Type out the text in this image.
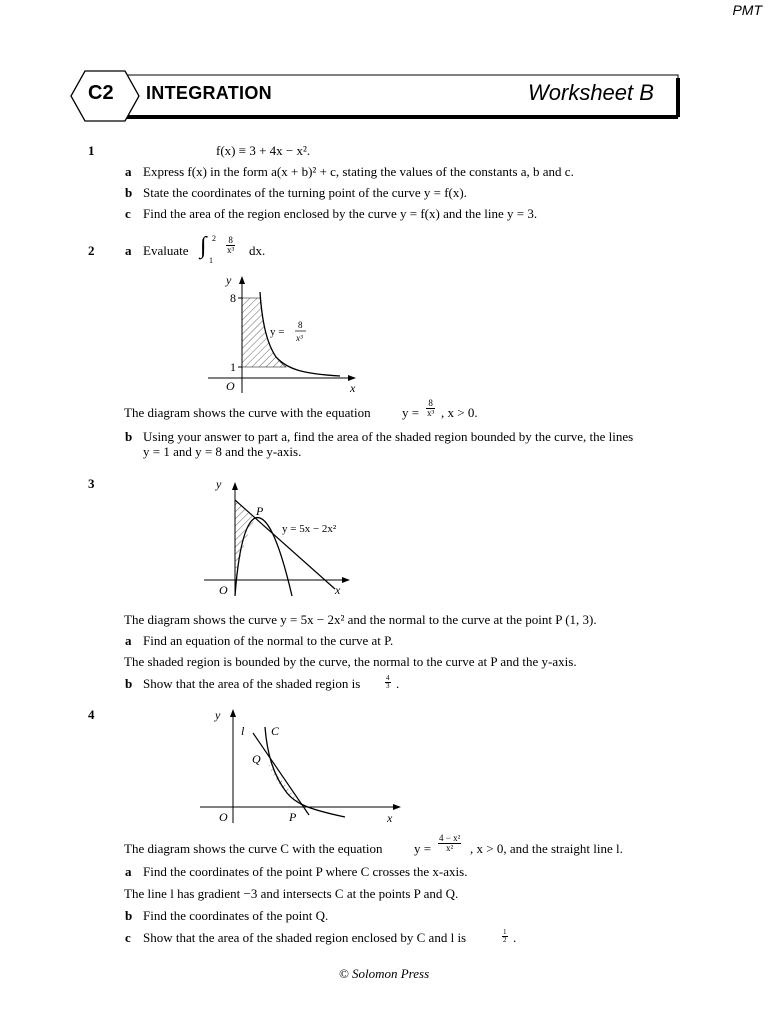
PMT
C2 INTEGRATION	Worksheet B
1	f(x) ≡ 3 + 4x − x².
a Express f(x) in the form a(x + b)² + c, stating the values of the constants a, b and c.
b State the coordinates of the turning point of the curve y = f(x).
c Find the area of the region enclosed by the curve y = f(x) and the line y = 3.
2 a Evaluate ∫ 2
1
$\frac{8}{\text{x³}}$ dx.
y
x
O
8
1
y =
8
x³
The diagram shows the curve with the equation $y = \frac{8}{\text{x³}}$ , x > 0.
b Using your answer to part a, find the area of the shaded region bounded by the curve, the lines
y = 1 and y = 8 and the y-axis.
3	y
x
O
P
y = 5x − 2x²
The diagram shows the curve y = 5x − 2x² and the normal to the curve at the point P (1, 3).
a Find an equation of the normal to the curve at P.
The shaded region is bounded by the curve, the normal to the curve at P and the y-axis.
b Show that the area of the shaded region is	$\frac{4}{3}$ .
4	y
x
O	P
Q
l C
The diagram shows the curve C with the equation $y = \frac{\text{4 − x²}}{\text{x²}}$ , x > 0, and the straight line l.
a Find the coordinates of the point P where C crosses the x-axis.
The line l has gradient −3 and intersects C at the points P and Q.
b Find the coordinates of the point Q.
c Show that the area of the shaded region enclosed by C and l is	$\frac{1}{2}$ .
© Solomon Press
